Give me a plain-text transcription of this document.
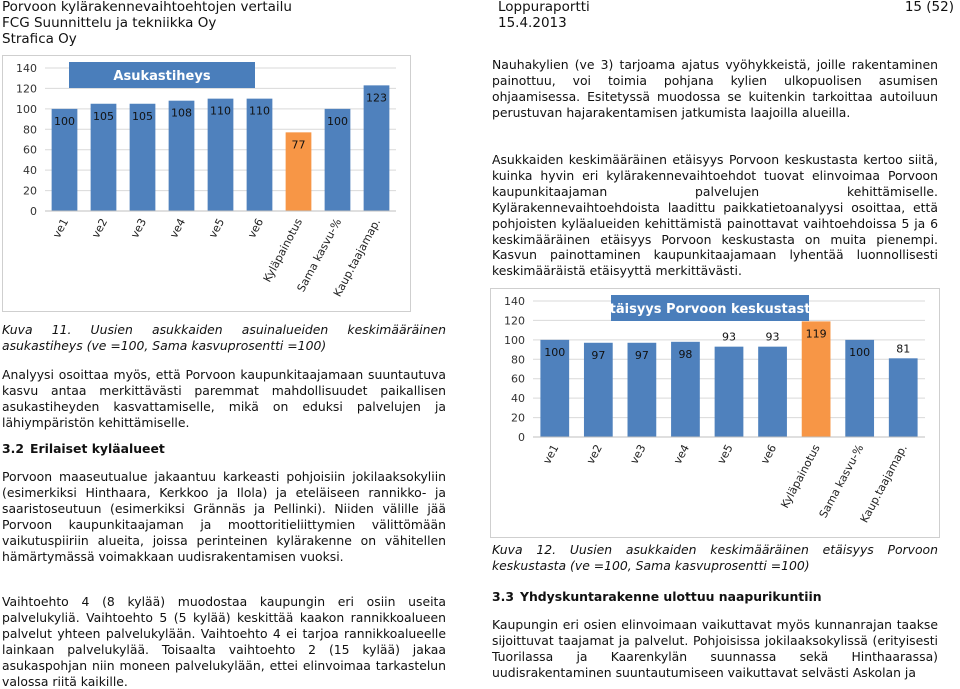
Porvoon kylärakennevaihtoehtojen vertailu
FCG Suunnittelu ja tekniikka Oy
Strafica Oy
Loppuraportti
15.4.2013
15 (52)
0
20
40
60
80
100
120
140
Asukastiheys
100
ve1
105
ve2
105
ve3
108
ve4
110
ve5
110
ve6
77
Kyläpainotus
100
Sama kasvu-%
123
Kaup.taajamap.

Nauhakylien (ve 3) tarjoama ajatus vyöhykkeistä, joille rakentaminen painottuu, voi toimia pohjana kylien ulkopuolisen asumisen ohjaamisessa. Esitetyssä muodossa se kuitenkin tarkoittaa autoiluun perustuvan hajarakentamisen jatkumista laajoilla alueilla.

Asukkaiden keskimääräinen etäisyys Porvoon keskustasta kertoo siitä, kuinka hyvin eri kylärakennevaihtoehdot tuovat elinvoimaa Porvoon kaupunkitaajaman palvelujen kehittämiselle. Kylärakennevaihtoehdoista laadittu paikkatietoanalyysi osoittaa, että pohjoisten kyläalueiden kehittämistä painottavat vaihtoehdoissa 5 ja 6 keskimääräinen etäisyys Porvoon keskustasta on muita pienempi. Kasvun painottaminen kaupunkitaajamaan lyhentää luonnollisesti keskimääräistä etäisyyttä merkittävästi.

0
20
40
60
80
100
120
140
Etäisyys Porvoon keskustasta
100
ve1
97
ve2
97
ve3
98
ve4
93
ve5
93
ve6
119
Kyläpainotus
100
Sama kasvu-%
81
Kaup.taajamap.

Kuva 11. Uusien asukkaiden asuinalueiden keskimääräinen asukastiheys (ve =100, Sama kasvuprosentti =100)

Analyysi osoittaa myös, että Porvoon kaupunkitaajamaan suuntautuva kasvu antaa merkittävästi paremmat mahdollisuudet paikallisen asukastiheyden kasvattamiselle, mikä on eduksi palvelujen ja lähiympäristön kehittämiselle.

3.2 Erilaiset kyläalueet

Porvoon maaseutualue jakaantuu karkeasti pohjoisiin jokilaaksokyliin (esimerkiksi Hinthaara, Kerkkoo ja Ilola) ja eteläiseen rannikko- ja saaristoseutuun (esimerkiksi Grännäs ja Pellinki). Niiden välille jää Porvoon kaupunkitaajaman ja moottoritieliittymien välittömään vaikutuspiiriin alueita, joissa perinteinen kylärakenne on vähitellen hämärtymässä voimakkaan uudisrakentamisen vuoksi.

Vaihtoehto 4 (8 kylää) muodostaa kaupungin eri osiin useita palvelukyliä. Vaihtoehto 5 (5 kylää) keskittää kaakon rannikkoalueen palvelut yhteen palvelukylään. Vaihtoehto 4 ei tarjoa rannikkoalueelle lainkaan palvelukylää. Toisaalta vaihtoehto 2 (15 kylää) jakaa asukaspohjan niin moneen palvelukylään, ettei elinvoimaa tarkastelun valossa riitä kaikille.

Kuva 12. Uusien asukkaiden keskimääräinen etäisyys Porvoon keskustasta (ve =100, Sama kasvuprosentti =100)

3.3 Yhdyskuntarakenne ulottuu naapurikuntiin

Kaupungin eri osien elinvoimaan vaikuttavat myös kunnanrajan taakse sijoittuvat taajamat ja palvelut. Pohjoisissa jokilaaksokylissä (erityisesti Tuorilassa ja Kaarenkylän suunnassa sekä Hinthaarassa) uudisrakentaminen suuntautumiseen vaikuttavat selvästi Askolan ja
